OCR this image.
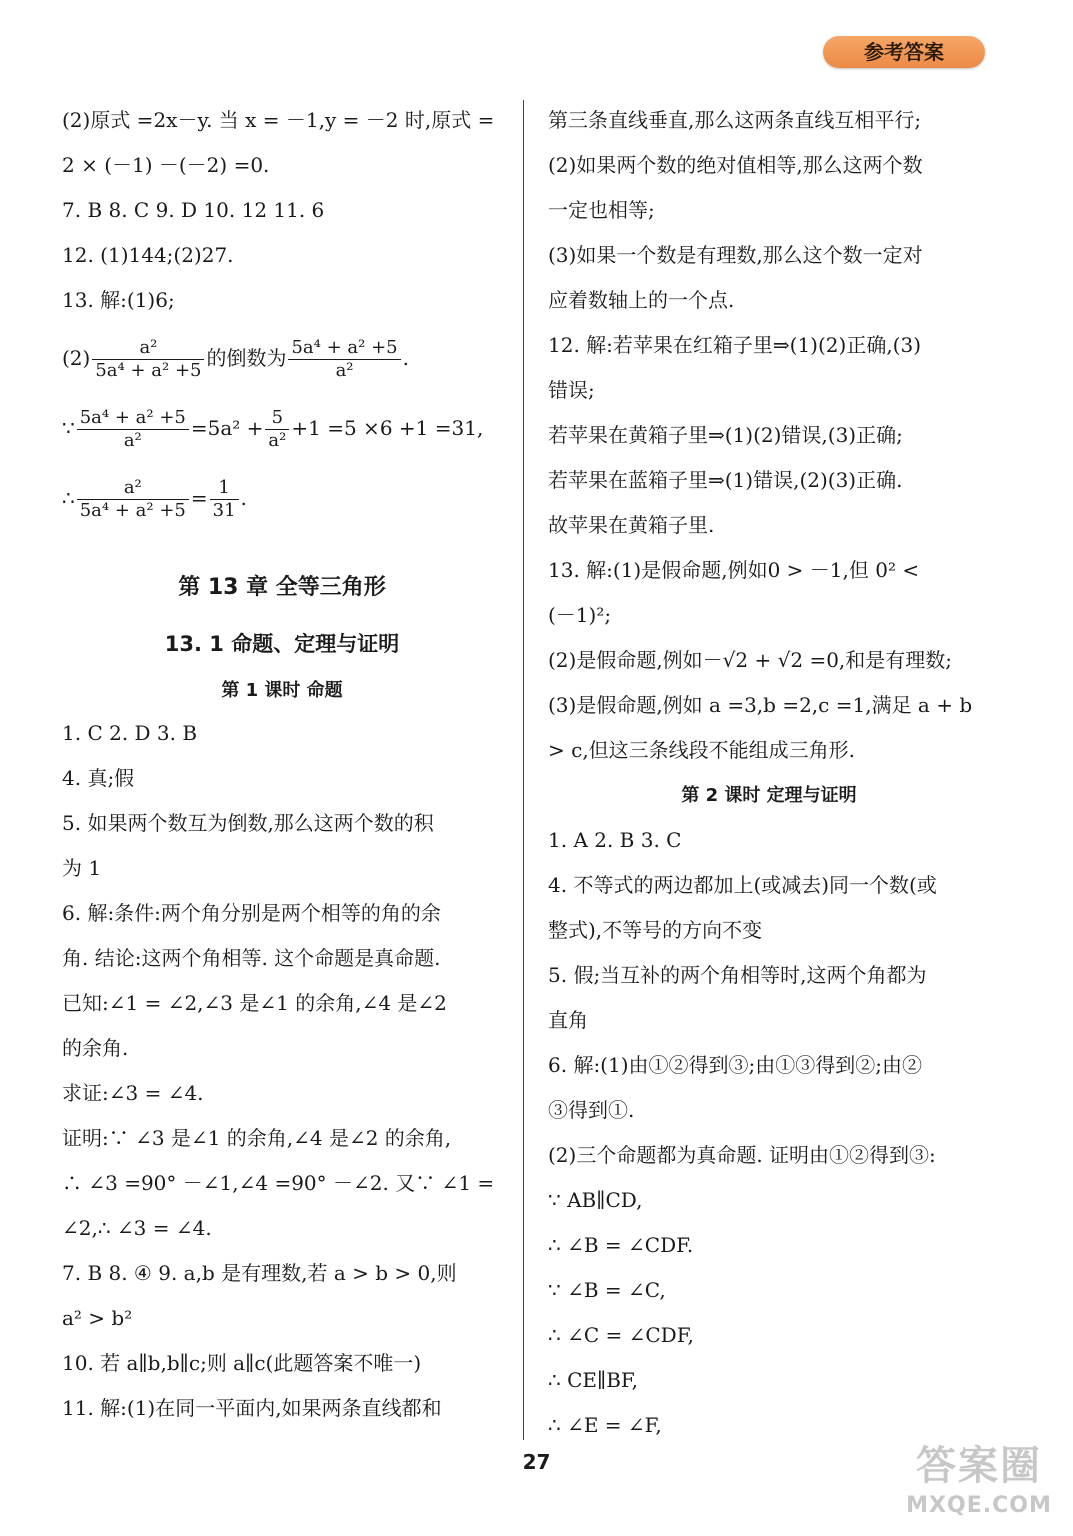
参考答案
(2)原式 =2x－y. 当 x = －1,y = －2 时,原式 =
2 × (－1) －(－2) =0.
7. B 8. C 9. D 10. 12 11. 6
12. (1)144;(2)27.
13. 解:(1)6;
$(2) \frac{\text{a²}}{\text{5a⁴ + a² +5}}$ 的倒数为 $\frac{\text{5a⁴ + a² +5}}{\text{a²}}$ .
∵ $\frac{\text{5a⁴ + a² +5}}{\text{a²}} =5a^2 + \frac{5}{\text{a²}} +1 =5 \times 6 +1 =31$,
∴ $\frac{\text{a²}}{\text{5a⁴ + a² +5}} = \frac{1}{31}$ .
第 13 章 全等三角形
13. 1 命题、定理与证明
第 1 课时 命题
1. C 2. D 3. B
4. 真;假
5. 如果两个数互为倒数,那么这两个数的积
为 1
6. 解:条件:两个角分别是两个相等的角的余
角. 结论:这两个角相等. 这个命题是真命题.
已知:∠1 = ∠2,∠3 是∠1 的余角,∠4 是∠2
的余角.
求证:∠3 = ∠4.
证明:∵ ∠3 是∠1 的余角,∠4 是∠2 的余角,
∴ ∠3 =90° －∠1,∠4 =90° －∠2. 又∵ ∠1 =
∠2,∴ ∠3 = ∠4.
7. B 8. ④ 9. a,b 是有理数,若 a > b > 0,则
a² > b²
10. 若 a∥b,b∥c;则 a∥c(此题答案不唯一)
11. 解:(1)在同一平面内,如果两条直线都和
第三条直线垂直,那么这两条直线互相平行;
(2)如果两个数的绝对值相等,那么这两个数
一定也相等;
(3)如果一个数是有理数,那么这个数一定对
应着数轴上的一个点.
12. 解:若苹果在红箱子里⇒(1)(2)正确,(3)
错误;
若苹果在黄箱子里⇒(1)(2)错误,(3)正确;
若苹果在蓝箱子里⇒(1)错误,(2)(3)正确.
故苹果在黄箱子里.
13. 解:(1)是假命题,例如0 > －1,但 0² <
(－1)²;
(2)是假命题,例如－√2 + √2 =0,和是有理数;
(3)是假命题,例如 a =3,b =2,c =1,满足 a + b
> c,但这三条线段不能组成三角形.
第 2 课时 定理与证明
1. A 2. B 3. C
4. 不等式的两边都加上(或减去)同一个数(或
整式),不等号的方向不变
5. 假;当互补的两个角相等时,这两个角都为
直角
6. 解:(1)由①②得到③;由①③得到②;由②
③得到①.
(2)三个命题都为真命题. 证明由①②得到③:
∵ AB∥CD,
∴ ∠B = ∠CDF.
∵ ∠B = ∠C,
∴ ∠C = ∠CDF,
∴ CE∥BF,
∴ ∠E = ∠F,
27	答案圈
MXQE.COM
